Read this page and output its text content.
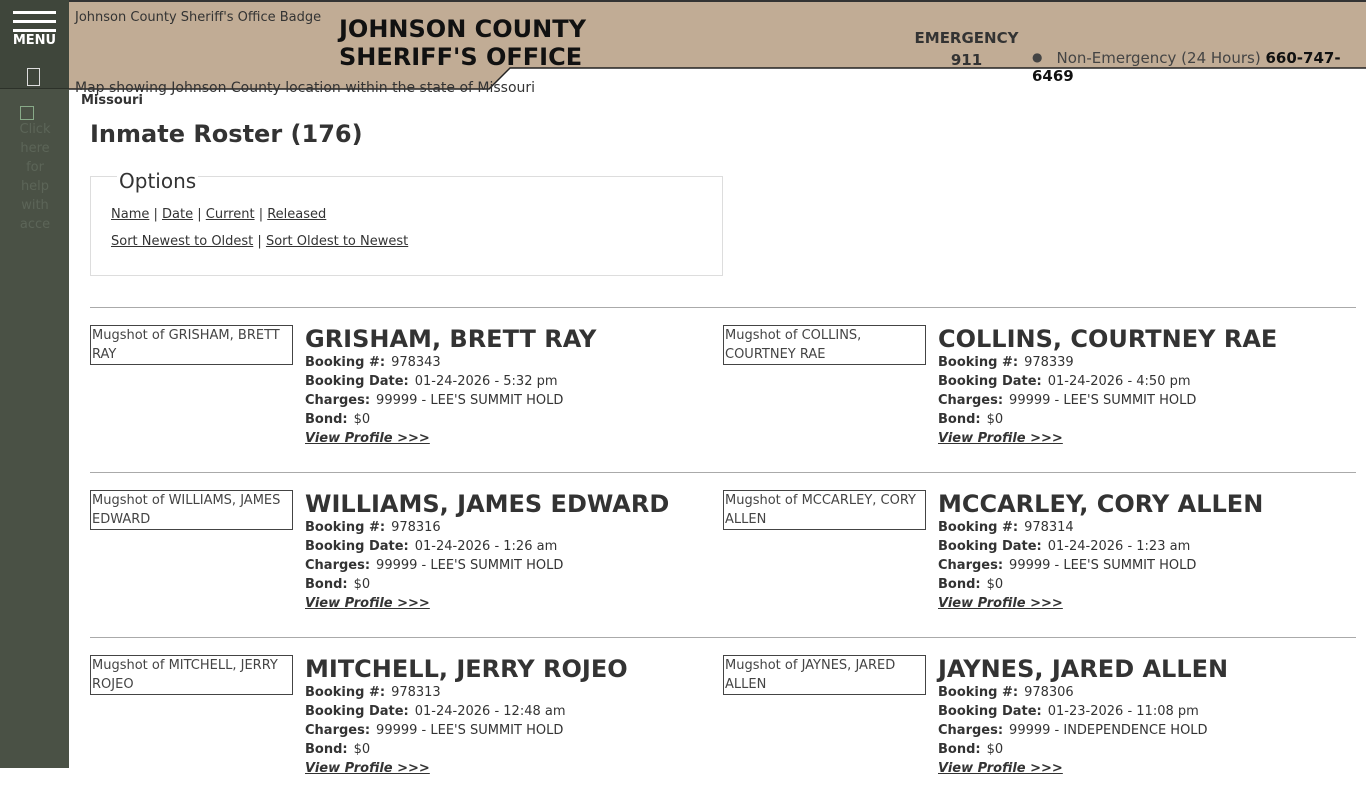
MENU
Click here for help with acce
Johnson County Sheriff's Office Badge JOHNSON COUNTY
SHERIFF'S OFFICE
EMERGENCY
911	● Non-Emergency (24 Hours) 660-747-6469
Map showing Johnson County location within the state of Missouri
Missouri
Inmate Roster (176)
Options
Name | Date | Current | Released
Sort Newest to Oldest | Sort Oldest to Newest
Mugshot of GRISHAM, BRETT RAY
GRISHAM, BRETT RAY
Booking #: 978343
Booking Date: 01-24-2026 - 5:32 pm
Charges: 99999 - LEE'S SUMMIT HOLD
Bond: $0
View Profile >>>
Mugshot of COLLINS, COURTNEY RAE
COLLINS, COURTNEY RAE
Booking #: 978339
Booking Date: 01-24-2026 - 4:50 pm
Charges: 99999 - LEE'S SUMMIT HOLD
Bond: $0
View Profile >>>
Mugshot of WILLIAMS, JAMES EDWARD
WILLIAMS, JAMES EDWARD
Booking #: 978316
Booking Date: 01-24-2026 - 1:26 am
Charges: 99999 - LEE'S SUMMIT HOLD
Bond: $0
View Profile >>>
Mugshot of MCCARLEY, CORY ALLEN
MCCARLEY, CORY ALLEN
Booking #: 978314
Booking Date: 01-24-2026 - 1:23 am
Charges: 99999 - LEE'S SUMMIT HOLD
Bond: $0
View Profile >>>
Mugshot of MITCHELL, JERRY ROJEO
MITCHELL, JERRY ROJEO
Booking #: 978313
Booking Date: 01-24-2026 - 12:48 am
Charges: 99999 - LEE'S SUMMIT HOLD
Bond: $0
View Profile >>>
Mugshot of JAYNES, JARED ALLEN
JAYNES, JARED ALLEN
Booking #: 978306
Booking Date: 01-23-2026 - 11:08 pm
Charges: 99999 - INDEPENDENCE HOLD
Bond: $0
View Profile >>>
